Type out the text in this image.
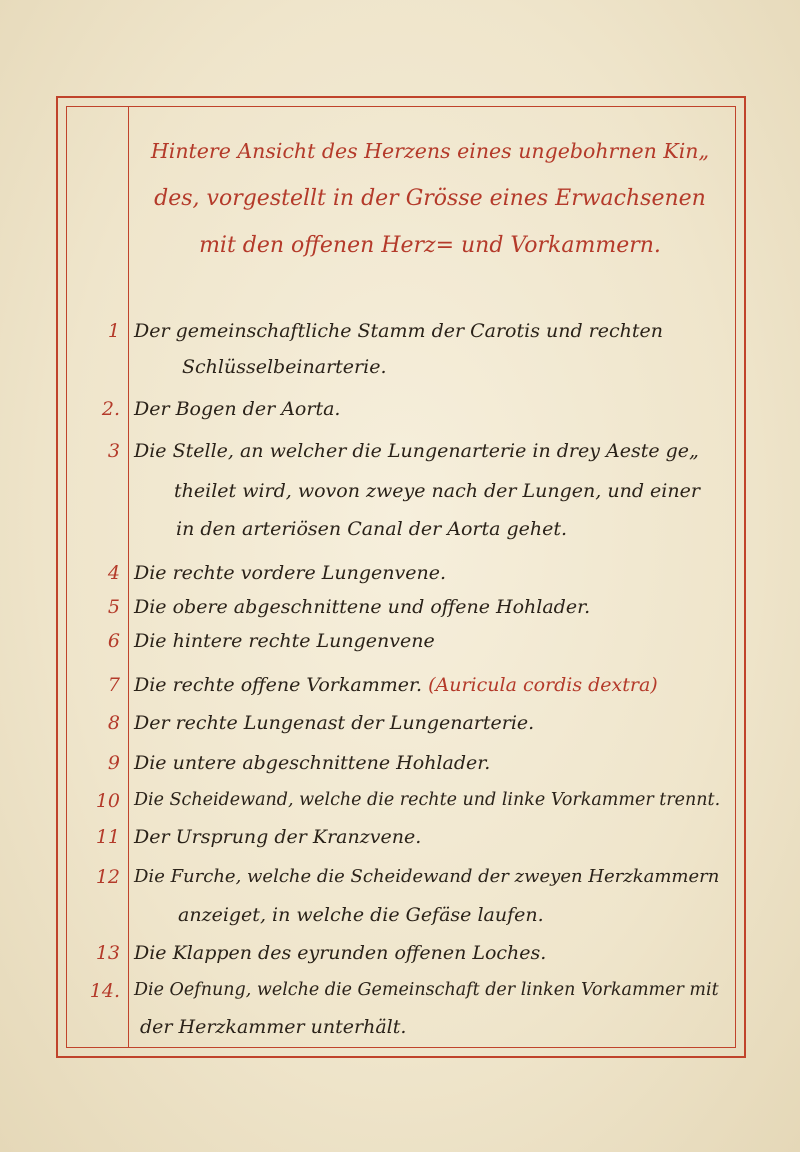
Hintere Ansicht des Herzens eines ungebohrnen Kin„
des, vorgestellt in der Grösse eines Erwachsenen
mit den offenen Herz= und Vorkammern.
1 Der gemeinschaftliche Stamm der Carotis und rechten
Schlüsselbeinarterie.
2. Der Bogen der Aorta.
3 Die Stelle, an welcher die Lungenarterie in drey Aeste ge„
theilet wird, wovon zweye nach der Lungen, und einer
in den arteriösen Canal der Aorta gehet.
4 Die rechte vordere Lungenvene.
5 Die obere abgeschnittene und offene Hohlader.
6 Die hintere rechte Lungenvene
7 Die rechte offene Vorkammer. (Auricula cordis dextra)
8 Der rechte Lungenast der Lungenarterie.
9 Die untere abgeschnittene Hohlader.
10 Die Scheidewand, welche die rechte und linke Vorkammer trennt.
11 Der Ursprung der Kranzvene.
12 Die Furche, welche die Scheidewand der zweyen Herzkammern
anzeiget, in welche die Gefäse laufen.
13 Die Klappen des eyrunden offenen Loches.
14. Die Oefnung, welche die Gemeinschaft der linken Vorkammer mit
der Herzkammer unterhält.
